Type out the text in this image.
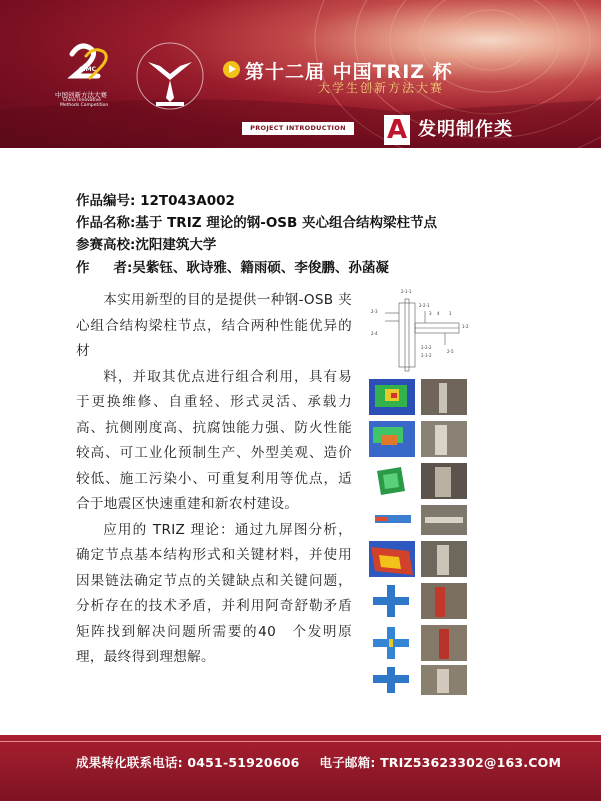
CIMC
中国创新方法大赛
China Innovative
Methods Competition
第十二届 中国TRIZ 杯
大学生创新方法大赛
PROJECT INTRODUCTION	A 发明制作类
作品编号: 12T043A002
作品名称:基于 TRIZ 理论的钢-OSB 夹心组合结构梁柱节点
参赛高校:沈阳建筑大学
作 者:吴紫钰、耿诗雅、籍雨硕、李俊鹏、孙菡凝

本实用新型的目的是提供一种钢-OSB 夹心组合结构梁柱节点，结合两种性能优异的材

料，并取其优点进行组合利用，具有易于更换维修、自重轻、形式灵活、承载力高、抗侧刚度高、抗腐蚀能力强、防火性能较高、可工业化预制生产、外型美观、造价较低、施工污染小、可重复利用等优点，适合于地震区快速重建和新农村建设。

应用的 TRIZ 理论：通过九屏图分析，确定节点基本结构形式和关键材料，并使用因果链法确定节点的关键缺点和关键问题，分析存在的技术矛盾，并利用阿奇舒勒矛盾矩阵找到解决问题所需要的40　个发明原理，最终得到理想解。

2-1-1
2-2-1
2-3
2-4
2-2-2
2-1-2
2-5
1-2
3 4 1
成果转化联系电话: 0451-51920606 电子邮箱: TRIZ53623302@163.COM
